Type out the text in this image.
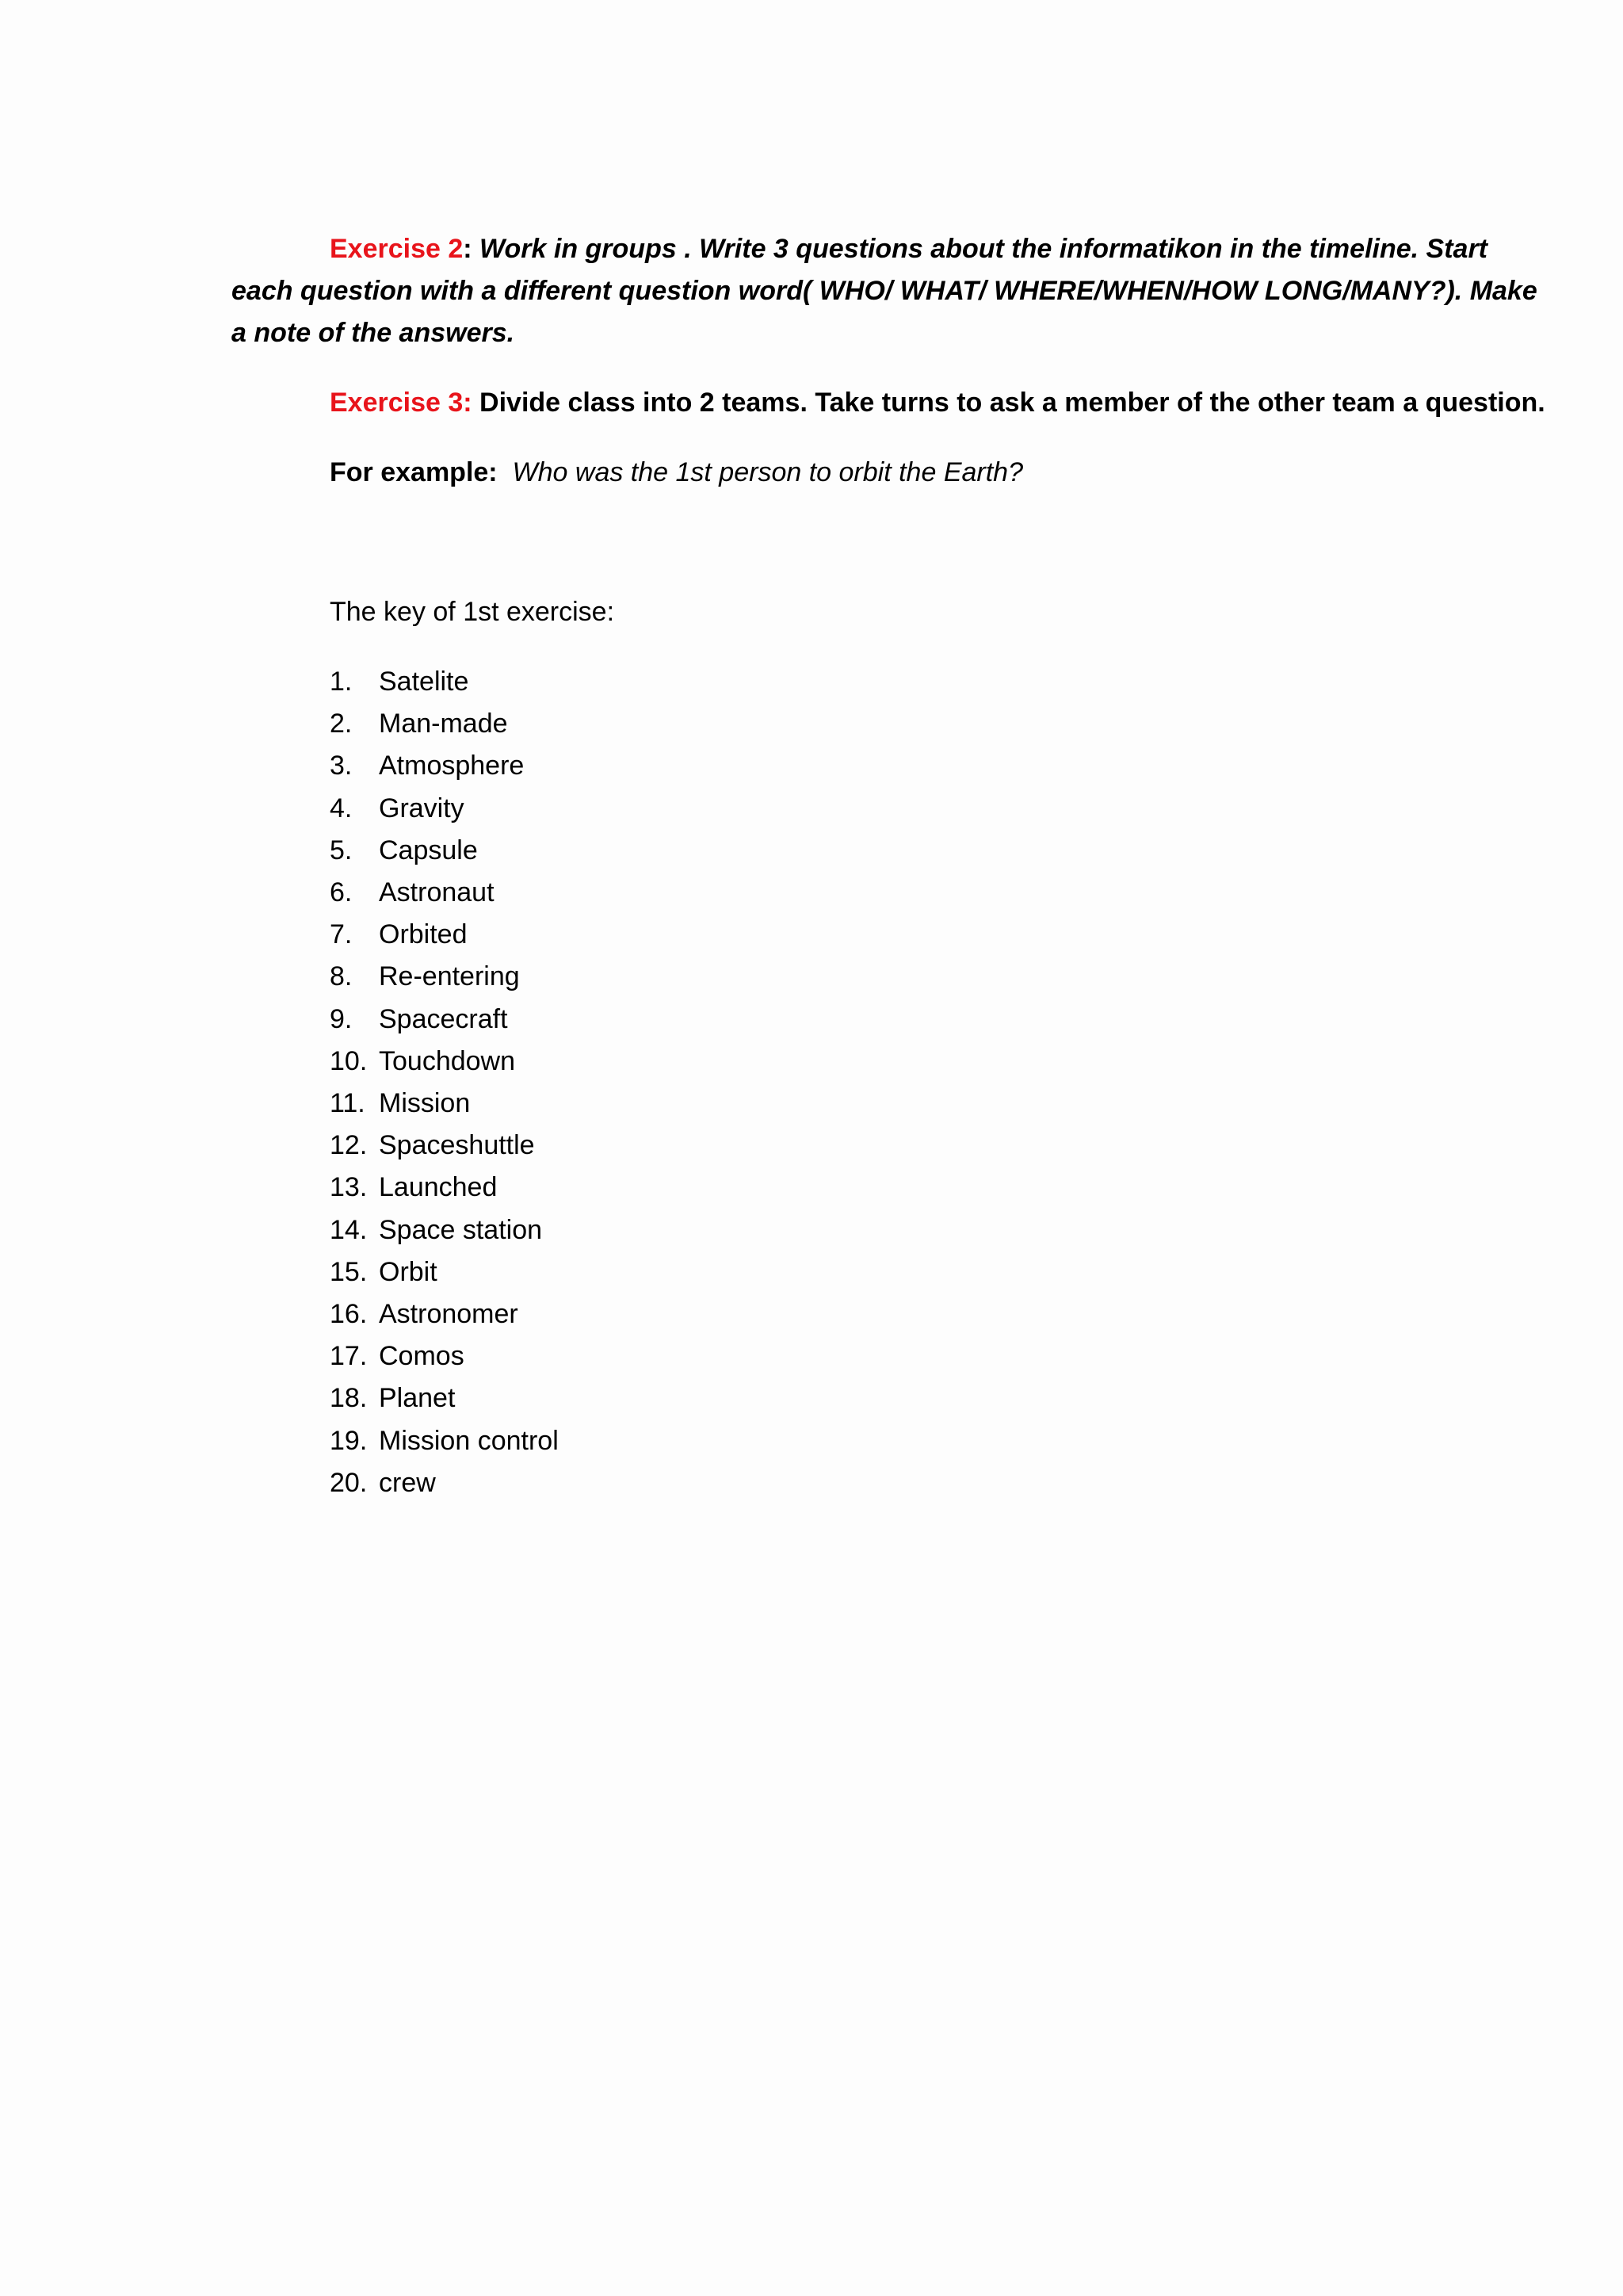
Exercise 2: Work in groups . Write 3 questions about the informatikon in the timeline. Start each question with a different question word( WHO/ WHAT/ WHERE/WHEN/HOW LONG/MANY?). Make a note of the answers.

Exercise 3: Divide class into 2 teams. Take turns to ask a member of the other team a question.

For example: Who was the 1st person to orbit the Earth?

The key of 1st exercise:

1. Satelite
2. Man-made
3. Atmosphere
4. Gravity
5. Capsule
6. Astronaut
7. Orbited
8. Re-entering
9. Spacecraft
10. Touchdown
11. Mission
12. Spaceshuttle
13. Launched
14. Space station
15. Orbit
16. Astronomer
17. Comos
18. Planet
19. Mission control
20. crew
